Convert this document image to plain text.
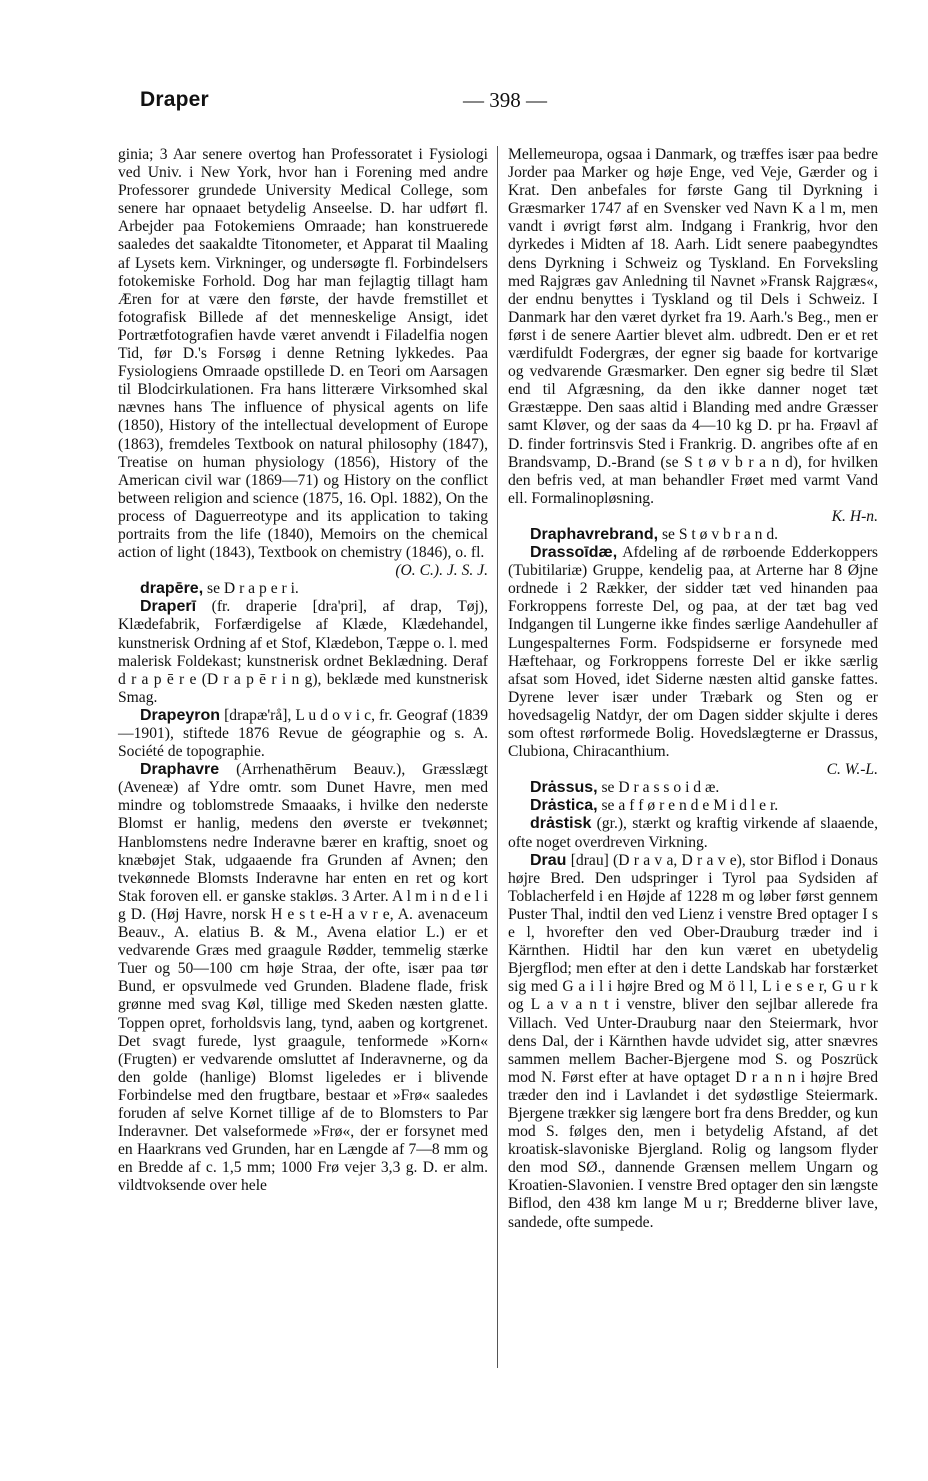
Draper	— 398 —

ginia; 3 Aar senere overtog han Professoratet i Fysiologi ved Univ. i New York, hvor han i Forening med andre Professorer grundede University Medical College, som senere har opnaaet betydelig Anseelse. D. har udført fl. Arbejder paa Fotokemiens Omraade; han konstruerede saaledes det saakaldte Titonometer, et Apparat til Maaling af Lysets kem. Virkninger, og undersøgte fl. Forbindelsers fotokemiske Forhold. Dog har man fejlagtig tillagt ham Æren for at være den første, der havde fremstillet et fotografisk Billede af det menneskelige Ansigt, idet Portrætfotografien havde været anvendt i Filadelfia nogen Tid, før D.'s Forsøg i denne Retning lykkedes. Paa Fysiologiens Omraade opstillede D. en Teori om Aarsagen til Blodcirkulationen. Fra hans litterære Virksomhed skal nævnes hans The influence of physical agents on life (1850), History of the intellectual development of Europe (1863), fremdeles Textbook on natural philosophy (1847), Treatise on human physiology (1856), History of the American civil war (1869—71) og History on the conflict between religion and science (1875, 16. Opl. 1882), On the process of Daguerreotype and its application to taking portraits from the life (1840), Memoirs on the chemical action of light (1843), Textbook on chemistry (1846), o. fl.

(O. C.). J. S. J.

drapēre, se D r a p e r i.

Draperī (fr. draperie [dra'pri], af drap, Tøj), Klædefabrik, Forfærdigelse af Klæde, Klædehandel, kunstnerisk Ordning af et Stof, Klædebon, Tæppe o. l. med malerisk Foldekast; kunstnerisk ordnet Beklædning. Deraf d r a p ē r e (D r a p ē r i n g), beklæde med kunstnerisk Smag.

Drapeyron [drapæ'rå], L u d o v i c, fr. Geograf (1839—1901), stiftede 1876 Revue de géographie og s. A. Société de topographie.

Draphavre (Arrhenathērum Beauv.), Græsslægt (Aveneæ) af Ydre omtr. som Dunet Havre, men med mindre og toblomstrede Smaaaks, i hvilke den nederste Blomst er hanlig, medens den øverste er tvekønnet; Hanblomstens nedre Inderavne bærer en kraftig, snoet og knæbøjet Stak, udgaaende fra Grunden af Avnen; den tvekønnede Blomsts Inderavne har enten en ret og kort Stak foroven ell. er ganske stakløs. 3 Arter. A l m i n d e l i g D. (Høj Havre, norsk H e s t e-H a v r e, A. avenaceum Beauv., A. elatius B. & M., Avena elatior L.) er et vedvarende Græs med graagule Rødder, temmelig stærke Tuer og 50—100 cm høje Straa, der ofte, især paa tør Bund, er opsvulmede ved Grunden. Bladene flade, frisk grønne med svag Køl, tillige med Skeden næsten glatte. Toppen opret, forholdsvis lang, tynd, aaben og kortgrenet. Det svagt furede, lyst graagule, tenformede »Korn« (Frugten) er vedvarende omsluttet af Inderavnerne, og da den golde (hanlige) Blomst ligeledes er i blivende Forbindelse med den frugtbare, bestaar et »Frø« saaledes foruden af selve Kornet tillige af de to Blomsters to Par Inderavner. Det valseformede »Frø«, der er forsynet med en Haarkrans ved Grunden, har en Længde af 7—8 mm og en Bredde af c. 1,5 mm; 1000 Frø vejer 3,3 g. D. er alm. vildtvoksende over hele

Mellemeuropa, ogsaa i Danmark, og træffes især paa bedre Jorder paa Marker og høje Enge, ved Veje, Gærder og i Krat. Den anbefales for første Gang til Dyrkning i Græsmarker 1747 af en Svensker ved Navn K a l m, men vandt i øvrigt først alm. Indgang i Frankrig, hvor den dyrkedes i Midten af 18. Aarh. Lidt senere paabegyndtes dens Dyrkning i Schweiz og Tyskland. En Forveksling med Rajgræs gav Anledning til Navnet »Fransk Rajgræs«, der endnu benyttes i Tyskland og til Dels i Schweiz. I Danmark har den været dyrket fra 19. Aarh.'s Beg., men er først i de senere Aartier blevet alm. udbredt. Den er et ret værdifuldt Fodergræs, der egner sig baade for kortvarige og vedvarende Græsmarker. Den egner sig bedre til Slæt end til Afgræsning, da den ikke danner noget tæt Græstæppe. Den saas altid i Blanding med andre Græsser samt Kløver, og der saas da 4—10 kg D. pr ha. Frøavl af D. finder fortrinsvis Sted i Frankrig. D. angribes ofte af en Brandsvamp, D.-Brand (se S t ø v b r a n d), for hvilken den befris ved, at man behandler Frøet med varmt Vand ell. Formalinopløsning.

K. H-n.

Draphavrebrand, se S t ø v b r a n d.

Drassoīdæ, Afdeling af de rørboende Edderkoppers (Tubitilariæ) Gruppe, kendelig paa, at Arterne har 8 Øjne ordnede i 2 Rækker, der sidder tæt ved hinanden paa Forkroppens forreste Del, og paa, at der tæt bag ved Indgangen til Lungerne ikke findes særlige Aandehuller af Lungespalternes Form. Fodspidserne er forsynede med Hæftehaar, og Forkroppens forreste Del er ikke særlig afsat som Hoved, idet Siderne næsten altid ganske fattes. Dyrene lever især under Træbark og Sten og er hovedsagelig Natdyr, der om Dagen sidder skjulte i deres som oftest rørformede Bolig. Hovedslægterne er Drassus, Clubiona, Chiracanthium.

C. W.-L.

Drȧssus, se D r a s s o i d æ.

Drȧstica, se a f f ø r e n d e M i d l e r.

drȧstisk (gr.), stærkt og kraftig virkende af slaaende, ofte noget overdreven Virkning.

Drau [drau] (D r a v a, D r a v e), stor Biflod i Donaus højre Bred. Den udspringer i Tyrol paa Sydsiden af Toblacherfeld i en Højde af 1228 m og løber først gennem Puster Thal, indtil den ved Lienz i venstre Bred optager I s e l, hvorefter den ved Ober-Drauburg træder ind i Kärnthen. Hidtil har den kun været en ubetydelig Bjergflod; men efter at den i dette Landskab har forstærket sig med G a i l i højre Bred og M ö l l, L i e s e r, G u r k og L a v a n t i venstre, bliver den sejlbar allerede fra Villach. Ved Unter-Drauburg naar den Steiermark, hvor dens Dal, der i Kärnthen havde udvidet sig, atter snævres sammen mellem Bacher-Bjergene mod S. og Poszrück mod N. Først efter at have optaget D r a n n i højre Bred træder den ind i Lavlandet i det sydøstlige Steiermark. Bjergene trækker sig længere bort fra dens Bredder, og kun mod S. følges den, men i betydelig Afstand, af det kroatisk-slavoniske Bjergland. Rolig og langsom flyder den mod SØ., dannende Grænsen mellem Ungarn og Kroatien-Slavonien. I venstre Bred optager den sin længste Biflod, den 438 km lange M u r; Bredderne bliver lave, sandede, ofte sumpede.
